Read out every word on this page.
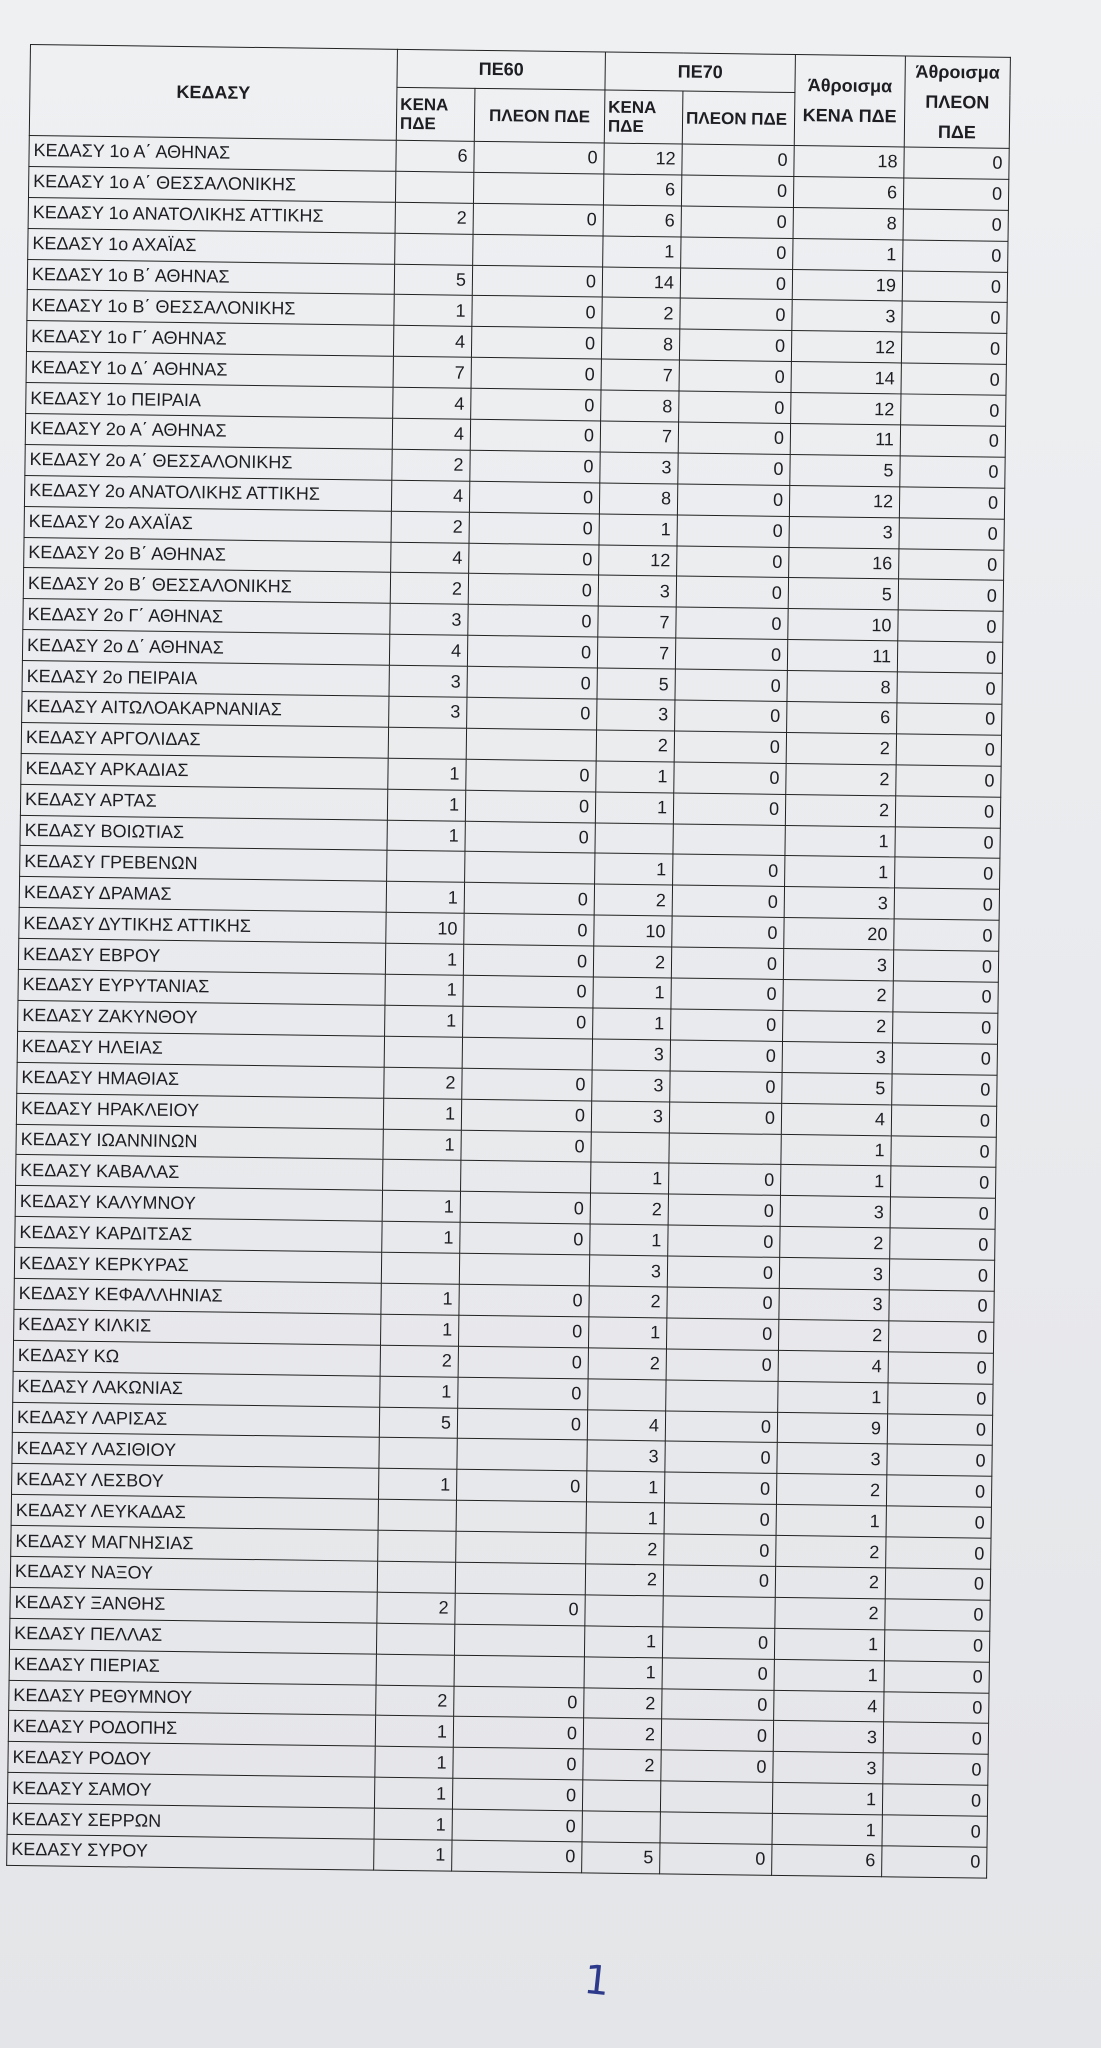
ΚΕΔΑΣΥ	ΠΕ60		ΠΕ70		Άθροισμα ΚΕΝΑ ΠΔΕ	Άθροισμα ΠΛΕΟΝ ΠΔΕ
	ΚΕΝΑ ΠΔΕ	ΠΛΕΟΝ ΠΔΕ	ΚΕΝΑ ΠΔΕ	ΠΛΕΟΝ ΠΔΕ		
ΚΕΔΑΣΥ 1ο Α΄ ΑΘΗΝΑΣ	6	0	12	0	18	0
ΚΕΔΑΣΥ 1ο Α΄ ΘΕΣΣΑΛΟΝΙΚΗΣ			6	0	6	0
ΚΕΔΑΣΥ 1ο ΑΝΑΤΟΛΙΚΗΣ ΑΤΤΙΚΗΣ	2	0	6	0	8	0
ΚΕΔΑΣΥ 1ο ΑΧΑΪΑΣ			1	0	1	0
ΚΕΔΑΣΥ 1ο Β΄ ΑΘΗΝΑΣ	5	0	14	0	19	0
ΚΕΔΑΣΥ 1ο Β΄ ΘΕΣΣΑΛΟΝΙΚΗΣ	1	0	2	0	3	0
ΚΕΔΑΣΥ 1ο Γ΄ ΑΘΗΝΑΣ	4	0	8	0	12	0
ΚΕΔΑΣΥ 1ο Δ΄ ΑΘΗΝΑΣ	7	0	7	0	14	0
ΚΕΔΑΣΥ 1ο ΠΕΙΡΑΙΑ	4	0	8	0	12	0
ΚΕΔΑΣΥ 2ο Α΄ ΑΘΗΝΑΣ	4	0	7	0	11	0
ΚΕΔΑΣΥ 2ο Α΄ ΘΕΣΣΑΛΟΝΙΚΗΣ	2	0	3	0	5	0
ΚΕΔΑΣΥ 2ο ΑΝΑΤΟΛΙΚΗΣ ΑΤΤΙΚΗΣ	4	0	8	0	12	0
ΚΕΔΑΣΥ 2ο ΑΧΑΪΑΣ	2	0	1	0	3	0
ΚΕΔΑΣΥ 2ο Β΄ ΑΘΗΝΑΣ	4	0	12	0	16	0
ΚΕΔΑΣΥ 2ο Β΄ ΘΕΣΣΑΛΟΝΙΚΗΣ	2	0	3	0	5	0
ΚΕΔΑΣΥ 2ο Γ΄ ΑΘΗΝΑΣ	3	0	7	0	10	0
ΚΕΔΑΣΥ 2ο Δ΄ ΑΘΗΝΑΣ	4	0	7	0	11	0
ΚΕΔΑΣΥ 2ο ΠΕΙΡΑΙΑ	3	0	5	0	8	0
ΚΕΔΑΣΥ ΑΙΤΩΛΟΑΚΑΡΝΑΝΙΑΣ	3	0	3	0	6	0
ΚΕΔΑΣΥ ΑΡΓΟΛΙΔΑΣ			2	0	2	0
ΚΕΔΑΣΥ ΑΡΚΑΔΙΑΣ	1	0	1	0	2	0
ΚΕΔΑΣΥ ΑΡΤΑΣ	1	0	1	0	2	0
ΚΕΔΑΣΥ ΒΟΙΩΤΙΑΣ	1	0			1	0
ΚΕΔΑΣΥ ΓΡΕΒΕΝΩΝ			1	0	1	0
ΚΕΔΑΣΥ ΔΡΑΜΑΣ	1	0	2	0	3	0
ΚΕΔΑΣΥ ΔΥΤΙΚΗΣ ΑΤΤΙΚΗΣ	10	0	10	0	20	0
ΚΕΔΑΣΥ ΕΒΡΟΥ	1	0	2	0	3	0
ΚΕΔΑΣΥ ΕΥΡΥΤΑΝΙΑΣ	1	0	1	0	2	0
ΚΕΔΑΣΥ ΖΑΚΥΝΘΟΥ	1	0	1	0	2	0
ΚΕΔΑΣΥ ΗΛΕΙΑΣ			3	0	3	0
ΚΕΔΑΣΥ ΗΜΑΘΙΑΣ	2	0	3	0	5	0
ΚΕΔΑΣΥ ΗΡΑΚΛΕΙΟΥ	1	0	3	0	4	0
ΚΕΔΑΣΥ ΙΩΑΝΝΙΝΩΝ	1	0			1	0
ΚΕΔΑΣΥ ΚΑΒΑΛΑΣ			1	0	1	0
ΚΕΔΑΣΥ ΚΑΛΥΜΝΟΥ	1	0	2	0	3	0
ΚΕΔΑΣΥ ΚΑΡΔΙΤΣΑΣ	1	0	1	0	2	0
ΚΕΔΑΣΥ ΚΕΡΚΥΡΑΣ			3	0	3	0
ΚΕΔΑΣΥ ΚΕΦΑΛΛΗΝΙΑΣ	1	0	2	0	3	0
ΚΕΔΑΣΥ ΚΙΛΚΙΣ	1	0	1	0	2	0
ΚΕΔΑΣΥ ΚΩ	2	0	2	0	4	0
ΚΕΔΑΣΥ ΛΑΚΩΝΙΑΣ	1	0			1	0
ΚΕΔΑΣΥ ΛΑΡΙΣΑΣ	5	0	4	0	9	0
ΚΕΔΑΣΥ ΛΑΣΙΘΙΟΥ			3	0	3	0
ΚΕΔΑΣΥ ΛΕΣΒΟΥ	1	0	1	0	2	0
ΚΕΔΑΣΥ ΛΕΥΚΑΔΑΣ			1	0	1	0
ΚΕΔΑΣΥ ΜΑΓΝΗΣΙΑΣ			2	0	2	0
ΚΕΔΑΣΥ ΝΑΞΟΥ			2	0	2	0
ΚΕΔΑΣΥ ΞΑΝΘΗΣ	2	0			2	0
ΚΕΔΑΣΥ ΠΕΛΛΑΣ			1	0	1	0
ΚΕΔΑΣΥ ΠΙΕΡΙΑΣ			1	0	1	0
ΚΕΔΑΣΥ ΡΕΘΥΜΝΟΥ	2	0	2	0	4	0
ΚΕΔΑΣΥ ΡΟΔΟΠΗΣ	1	0	2	0	3	0
ΚΕΔΑΣΥ ΡΟΔΟΥ	1	0	2	0	3	0
ΚΕΔΑΣΥ ΣΑΜΟΥ	1	0			1	0
ΚΕΔΑΣΥ ΣΕΡΡΩΝ	1	0			1	0
ΚΕΔΑΣΥ ΣΥΡΟΥ	1	0	5	0	6	0
1
